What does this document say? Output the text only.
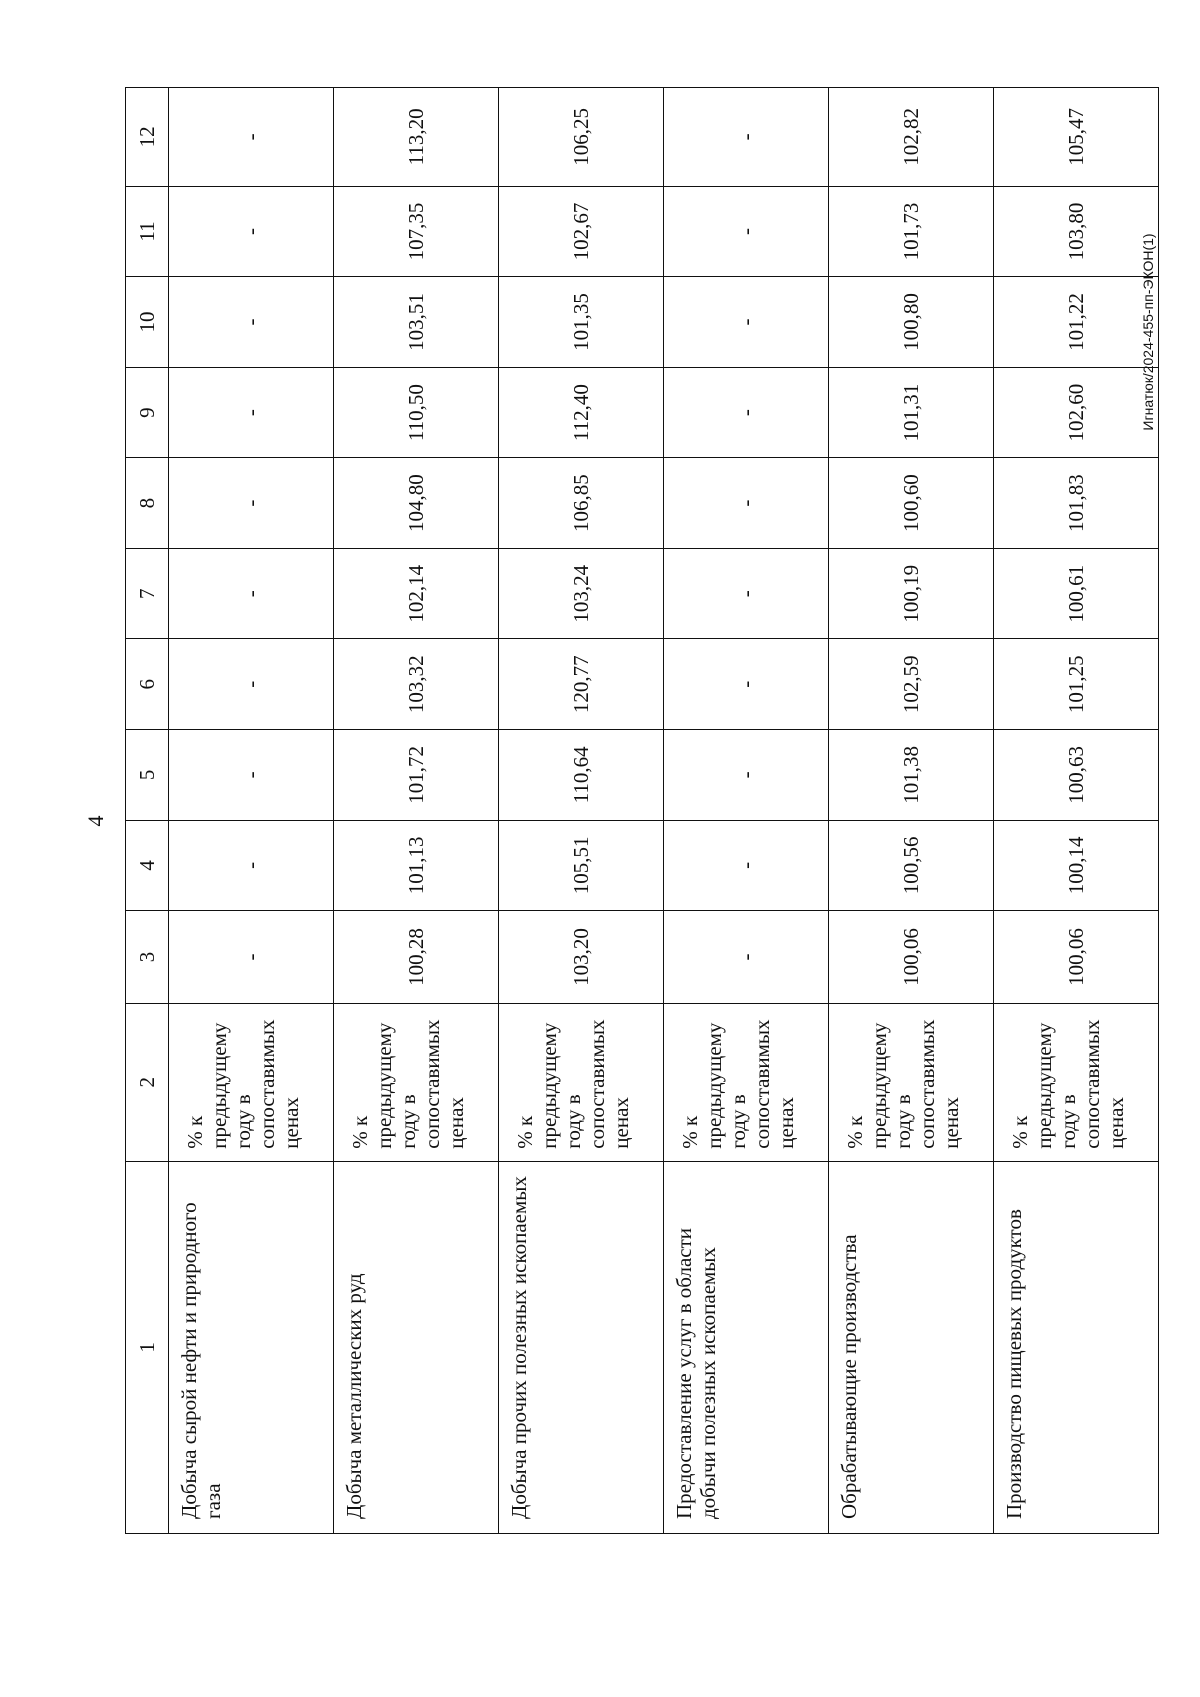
4
Игнатюк/2024-455-пп-ЭКОН(1)
1	2	3	4	5	6	7	8	9	10	11	12
Добыча сырой нефти и природного газа	% к предыдущему году в сопоставимых ценах	-	-	-	-	-	-	-	-	-	-
Добыча металлических руд	% к предыдущему году в сопоставимых ценах	100,28	101,13	101,72	103,32	102,14	104,80	110,50	103,51	107,35	113,20
Добыча прочих полезных ископаемых	% к предыдущему году в сопоставимых ценах	103,20	105,51	110,64	120,77	103,24	106,85	112,40	101,35	102,67	106,25
Предоставление услуг в области добычи полезных ископаемых	% к предыдущему году в сопоставимых ценах	-	-	-	-	-	-	-	-	-	-
Обрабатывающие производства	% к предыдущему году в сопоставимых ценах	100,06	100,56	101,38	102,59	100,19	100,60	101,31	100,80	101,73	102,82
Производство пищевых продуктов	% к предыдущему году в сопоставимых ценах	100,06	100,14	100,63	101,25	100,61	101,83	102,60	101,22	103,80	105,47
